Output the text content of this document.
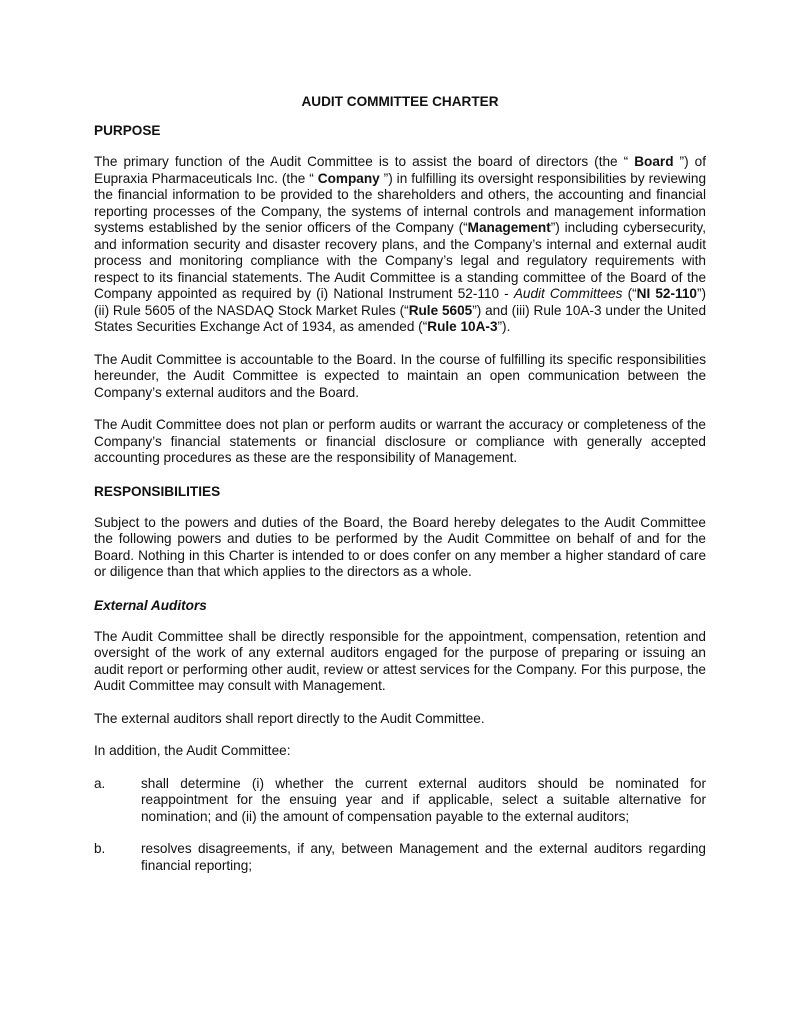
AUDIT COMMITTEE CHARTER
PURPOSE

The primary function of the Audit Committee is to assist the board of directors (the “ Board ”) of Eupraxia Pharmaceuticals Inc. (the “ Company ”) in fulfilling its oversight responsibilities by reviewing the financial information to be provided to the shareholders and others, the accounting and financial reporting processes of the Company, the systems of internal controls and management information systems established by the senior officers of the Company (“Management”) including cybersecurity, and information security and disaster recovery plans, and the Company’s internal and external audit process and monitoring compliance with the Company’s legal and regulatory requirements with respect to its financial statements. The Audit Committee is a standing committee of the Board of the Company appointed as required by (i) National Instrument 52-110 - Audit Committees (“NI 52-110”) (ii) Rule 5605 of the NASDAQ Stock Market Rules (“Rule 5605”) and (iii) Rule 10A-3 under the United States Securities Exchange Act of 1934, as amended (“Rule 10A-3”).

The Audit Committee is accountable to the Board. In the course of fulfilling its specific responsibilities hereunder, the Audit Committee is expected to maintain an open communication between the Company’s external auditors and the Board.

The Audit Committee does not plan or perform audits or warrant the accuracy or completeness of the Company’s financial statements or financial disclosure or compliance with generally accepted accounting procedures as these are the responsibility of Management.

RESPONSIBILITIES

Subject to the powers and duties of the Board, the Board hereby delegates to the Audit Committee the following powers and duties to be performed by the Audit Committee on behalf of and for the Board. Nothing in this Charter is intended to or does confer on any member a higher standard of care or diligence than that which applies to the directors as a whole.

External Auditors

The Audit Committee shall be directly responsible for the appointment, compensation, retention and oversight of the work of any external auditors engaged for the purpose of preparing or issuing an audit report or performing other audit, review or attest services for the Company. For this purpose, the Audit Committee may consult with Management.

The external auditors shall report directly to the Audit Committee.

In addition, the Audit Committee:

a.	shall determine (i) whether the current external auditors should be nominated for reappointment for the ensuing year and if applicable, select a suitable alternative for nomination; and (ii) the amount of compensation payable to the external auditors;
b.	resolves disagreements, if any, between Management and the external auditors regarding financial reporting;
